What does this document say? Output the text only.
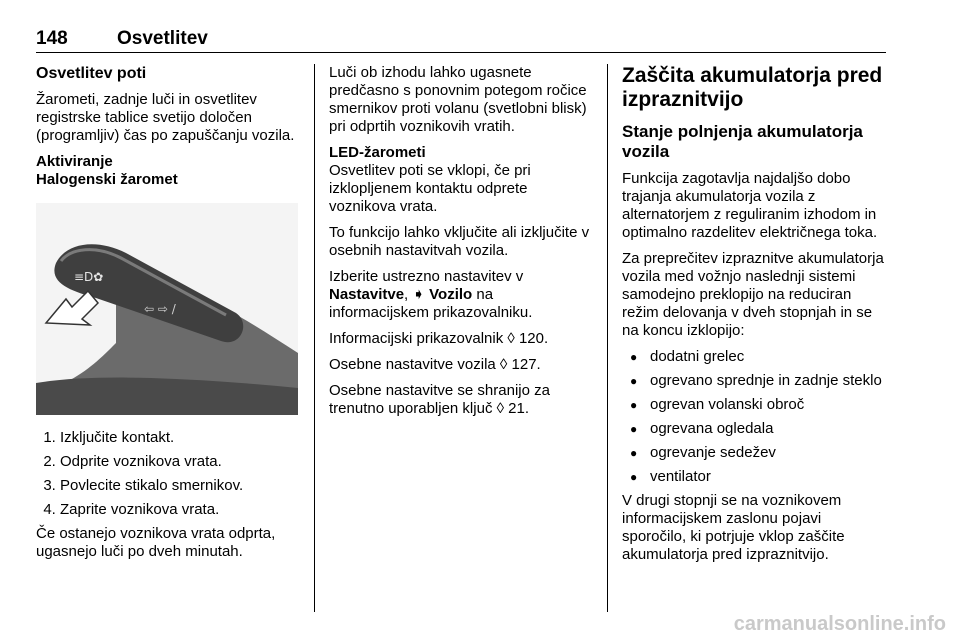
148	Osvetlitev
Osvetlitev poti

Žarometi, zadnje luči in osvetlitev registrske tablice svetijo določen (programljiv) čas po zapuščanju vozila.

Aktiviranje

Halogenski žaromet

≡D✿
⇦ ⇨ /
1. Izključite kontakt.
2. Odprite voznikova vrata.
3. Povlecite stikalo smernikov.
4. Zaprite voznikova vrata.

Če ostanejo voznikova vrata odprta, ugasnejo luči po dveh minutah.

Luči ob izhodu lahko ugasnete predčasno s ponovnim potegom ročice smernikov proti volanu (svetlobni blisk) pri odprtih voznikovih vratih.

LED-žarometi

Osvetlitev poti se vklopi, če pri izklopljenem kontaktu odprete voznikova vrata.

To funkcijo lahko vključite ali izključite v osebnih nastavitvah vozila.

Izberite ustrezno nastavitev v
Nastavitve, ➧ Vozilo na informacijskem prikazovalniku.

Informacijski prikazovalnik ◊ 120.

Osebne nastavitve vozila ◊ 127.

Osebne nastavitve se shranijo za trenutno uporabljen ključ ◊ 21.

Zaščita akumulatorja pred izpraznitvijo
Stanje polnjenja akumulatorja vozila

Funkcija zagotavlja najdaljšo dobo trajanja akumulatorja vozila z alternatorjem z reguliranim izhodom in optimalno razdelitev električnega toka.

Za preprečitev izpraznitve akumulatorja vozila med vožnjo naslednji sistemi samodejno preklopijo na reduciran režim delovanja v dveh stopnjah in se na koncu izklopijo:

● dodatni grelec
● ogrevano sprednje in zadnje steklo
● ogrevan volanski obroč
● ogrevana ogledala
● ogrevanje sedežev
● ventilator

V drugi stopnji se na voznikovem informacijskem zaslonu pojavi sporočilo, ki potrjuje vklop zaščite akumulatorja pred izpraznitvijo.

carmanualsonline.info
